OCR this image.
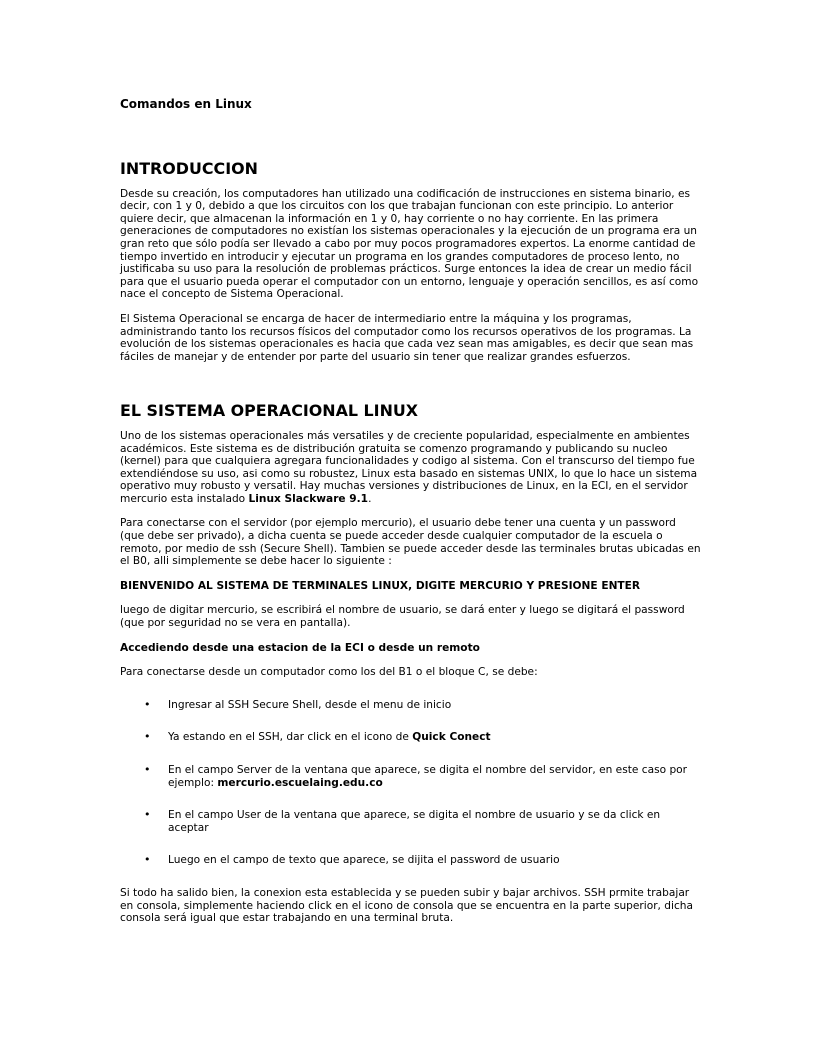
Comandos en Linux
INTRODUCCION

Desde su creación, los computadores han utilizado una codificación de instrucciones en sistema binario, es decir, con 1 y 0, debido a que los circuitos con los que trabajan funcionan con este principio. Lo anterior quiere decir, que almacenan la información en 1 y 0, hay corriente o no hay corriente. En las primera generaciones de computadores no existían los sistemas operacionales y la ejecución de un programa era un gran reto que sólo podía ser llevado a cabo por muy pocos programadores expertos. La enorme cantidad de tiempo invertido en introducir y ejecutar un programa en los grandes computadores de proceso lento, no justificaba su uso para la resolución de problemas prácticos. Surge entonces la idea de crear un medio fácil para que el usuario pueda operar el computador con un entorno, lenguaje y operación sencillos, es así como nace el concepto de Sistema Operacional.

El Sistema Operacional se encarga de hacer de intermediario entre la máquina y los programas, administrando tanto los recursos físicos del computador como los recursos operativos de los programas. La evolución de los sistemas operacionales es hacia que cada vez sean mas amigables, es decir que sean mas fáciles de manejar y de entender por parte del usuario sin tener que realizar grandes esfuerzos.

EL SISTEMA OPERACIONAL LINUX

Uno de los sistemas operacionales más versatiles y de creciente popularidad, especialmente en ambientes académicos. Este sistema es de distribución gratuita se comenzo programando y publicando su nucleo (kernel) para que cualquiera agregara funcionalidades y codigo al sistema. Con el transcurso del tiempo fue extendiéndose su uso, asi como su robustez, Linux esta basado en sistemas UNIX, lo que lo hace un sistema operativo muy robusto y versatil. Hay muchas versiones y distribuciones de Linux, en la ECI, en el servidor mercurio esta instalado Linux Slackware 9.1.

Para conectarse con el servidor (por ejemplo mercurio), el usuario debe tener una cuenta y un password (que debe ser privado), a dicha cuenta se puede acceder desde cualquier computador de la escuela o remoto, por medio de ssh (Secure Shell). Tambien se puede acceder desde las terminales brutas ubicadas en el B0, alli simplemente se debe hacer lo siguiente :

BIENVENIDO AL SISTEMA DE TERMINALES LINUX, DIGITE MERCURIO Y PRESIONE ENTER

luego de digitar mercurio, se escribirá el nombre de usuario, se dará enter y luego se digitará el password (que por seguridad no se vera en pantalla).

Accediendo desde una estacion de la ECI o desde un remoto

Para conectarse desde un computador como los del B1 o el bloque C, se debe:

• Ingresar al SSH Secure Shell, desde el menu de inicio
• Ya estando en el SSH, dar click en el icono de Quick Conect
• En el campo Server de la ventana que aparece, se digita el nombre del servidor, en este caso por ejemplo: mercurio.escuelaing.edu.co
• En el campo User de la ventana que aparece, se digita el nombre de usuario y se da click en aceptar
• Luego en el campo de texto que aparece, se dijita el password de usuario

Si todo ha salido bien, la conexion esta establecida y se pueden subir y bajar archivos. SSH prmite trabajar en consola, simplemente haciendo click en el icono de consola que se encuentra en la parte superior, dicha consola será igual que estar trabajando en una terminal bruta.
